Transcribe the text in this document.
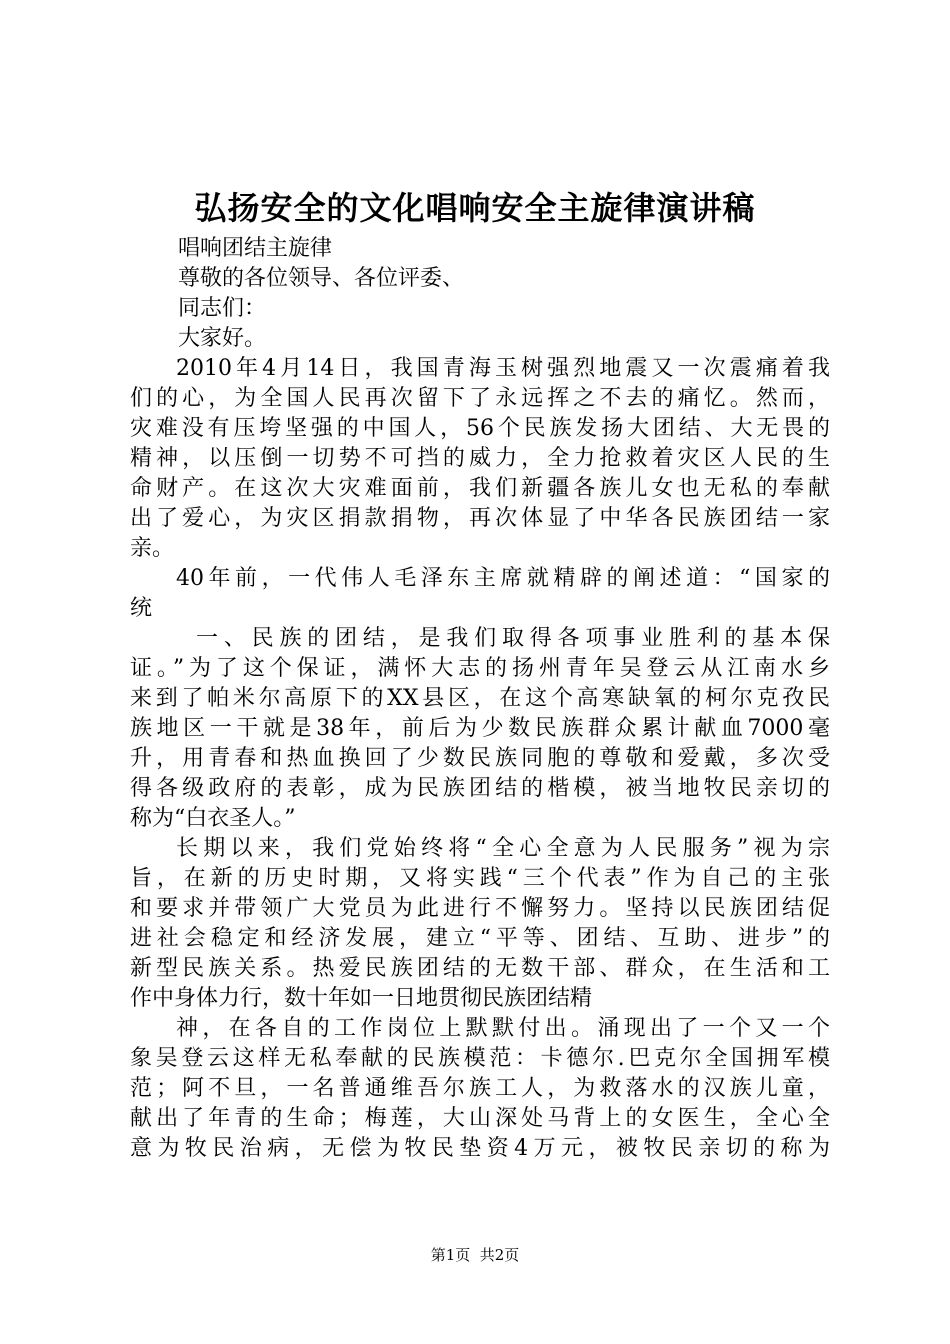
弘扬安全的文化唱响安全主旋律演讲稿
唱响团结主旋律
尊敬的各位领导、各位评委、
同志们：
大家好。
2010年4月14日，我国青海玉树强烈地震又一次震痛着我
们的心，为全国人民再次留下了永远挥之不去的痛忆。然而，
灾难没有压垮坚强的中国人，56个民族发扬大团结、大无畏的
精神，以压倒一切势不可挡的威力，全力抢救着灾区人民的生
命财产。在这次大灾难面前，我们新疆各族儿女也无私的奉献
出了爱心，为灾区捐款捐物，再次体显了中华各民族团结一家
亲。
40年前，一代伟人毛泽东主席就精辟的阐述道：“国家的
统
一、民族的团结，是我们取得各项事业胜利的基本保
证。”为了这个保证，满怀大志的扬州青年吴登云从江南水乡
来到了帕米尔高原下的XX县区，在这个高寒缺氧的柯尔克孜民
族地区一干就是38年，前后为少数民族群众累计献血7000毫
升，用青春和热血换回了少数民族同胞的尊敬和爱戴，多次受
得各级政府的表彰，成为民族团结的楷模，被当地牧民亲切的
称为“白衣圣人。”
长期以来，我们党始终将“全心全意为人民服务”视为宗
旨，在新的历史时期，又将实践“三个代表”作为自己的主张
和要求并带领广大党员为此进行不懈努力。坚持以民族团结促
进社会稳定和经济发展，建立“平等、团结、互助、进步”的
新型民族关系。热爱民族团结的无数干部、群众，在生活和工
作中身体力行，数十年如一日地贯彻民族团结精
神，在各自的工作岗位上默默付出。涌现出了一个又一个
象吴登云这样无私奉献的民族模范：卡德尔.巴克尔全国拥军模
范；阿不旦，一名普通维吾尔族工人，为救落水的汉族儿童，
献出了年青的生命；梅莲，大山深处马背上的女医生，全心全
意为牧民治病，无偿为牧民垫资4万元，被牧民亲切的称为
第1页  共2页
